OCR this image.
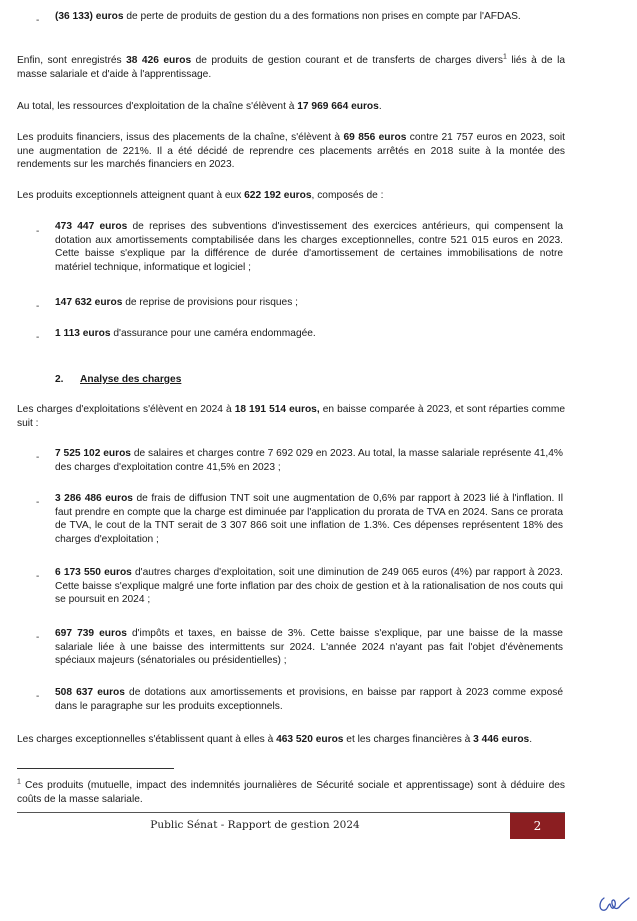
- (36 133) euros de perte de produits de gestion du a des formations non prises en compte par l'AFDAS.

Enfin, sont enregistrés 38 426 euros de produits de gestion courant et de transferts de charges divers$^1$ liés à de la masse salariale et d'aide à l'apprentissage.

Au total, les ressources d'exploitation de la chaîne s'élèvent à 17 969 664 euros.

Les produits financiers, issus des placements de la chaîne, s'élèvent à 69 856 euros contre 21 757 euros en 2023, soit une augmentation de 221%. Il a été décidé de reprendre ces placements arrêtés en 2018 suite à la montée des rendements sur les marchés financiers en 2023.

Les produits exceptionnels atteignent quant à eux 622 192 euros, composés de :

- 473 447 euros de reprises des subventions d'investissement des exercices antérieurs, qui compensent la dotation aux amortissements comptabilisée dans les charges exceptionnelles, contre 521 015 euros en 2023. Cette baisse s'explique par la différence de durée d'amortissement de certaines immobilisations de notre matériel technique, informatique et logiciel ;

- 147 632 euros de reprise de provisions pour risques ;

- 1 113 euros d'assurance pour une caméra endommagée.

2. Analyse des charges

Les charges d'exploitations s'élèvent en 2024 à 18 191 514 euros, en baisse comparée à 2023, et sont réparties comme suit :

- 7 525 102 euros de salaires et charges contre 7 692 029 en 2023. Au total, la masse salariale représente 41,4% des charges d'exploitation contre 41,5% en 2023 ;

- 3 286 486 euros de frais de diffusion TNT soit une augmentation de 0,6% par rapport à 2023 lié à l'inflation. Il faut prendre en compte que la charge est diminuée par l'application du prorata de TVA en 2024. Sans ce prorata de TVA, le cout de la TNT serait de 3 307 866 soit une inflation de 1.3%. Ces dépenses représentent 18% des charges d'exploitation ;

- 6 173 550 euros d'autres charges d'exploitation, soit une diminution de 249 065 euros (4%) par rapport à 2023. Cette baisse s'explique malgré une forte inflation par des choix de gestion et à la rationalisation de nos couts qui se poursuit en 2024 ;

- 697 739 euros d'impôts et taxes, en baisse de 3%. Cette baisse s'explique, par une baisse de la masse salariale liée à une baisse des intermittents sur 2024. L'année 2024 n'ayant pas fait l'objet d'évènements spéciaux majeurs (sénatoriales ou présidentielles) ;

- 508 637 euros de dotations aux amortissements et provisions, en baisse par rapport à 2023 comme exposé dans le paragraphe sur les produits exceptionnels.

Les charges exceptionnelles s'établissent quant à elles à 463 520 euros et les charges financières à 3 446 euros.

$^1$ Ces produits (mutuelle, impact des indemnités journalières de Sécurité sociale et apprentissage) sont à déduire des coûts de la masse salariale.

Public Sénat - Rapport de gestion 2024	2
